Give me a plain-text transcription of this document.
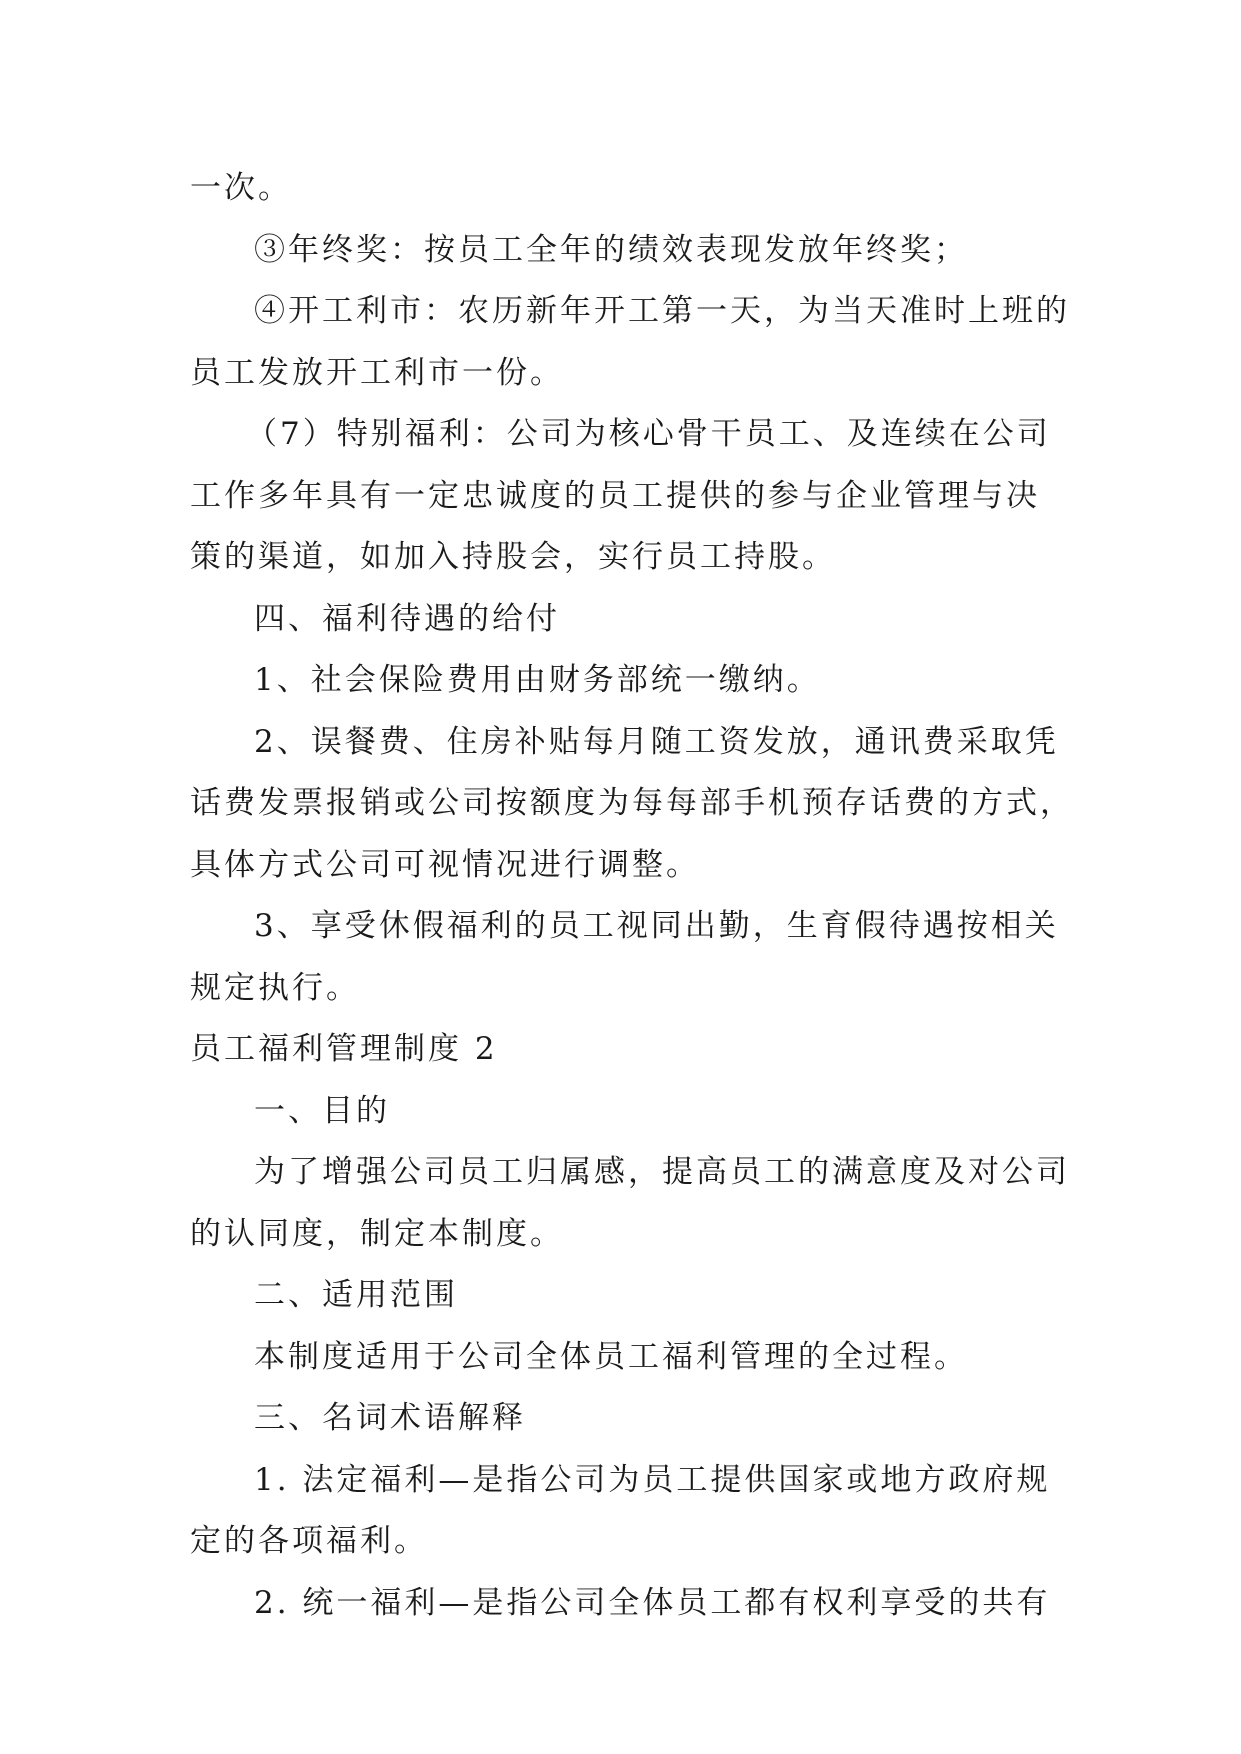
一次。

③年终奖：按员工全年的绩效表现发放年终奖；

④开工利市：农历新年开工第一天，为当天准时上班的

员工发放开工利市一份。

（7）特别福利：公司为核心骨干员工、及连续在公司

工作多年具有一定忠诚度的员工提供的参与企业管理与决

策的渠道，如加入持股会，实行员工持股。

四、福利待遇的给付

1、社会保险费用由财务部统一缴纳。

2、误餐费、住房补贴每月随工资发放，通讯费采取凭

话费发票报销或公司按额度为每每部手机预存话费的方式，

具体方式公司可视情况进行调整。

3、享受休假福利的员工视同出勤，生育假待遇按相关

规定执行。

员工福利管理制度 2

一、目的

为了增强公司员工归属感，提高员工的满意度及对公司

的认同度，制定本制度。

二、适用范围

本制度适用于公司全体员工福利管理的全过程。

三、名词术语解释

1. 法定福利—是指公司为员工提供国家或地方政府规

定的各项福利。

2. 统一福利—是指公司全体员工都有权利享受的共有
